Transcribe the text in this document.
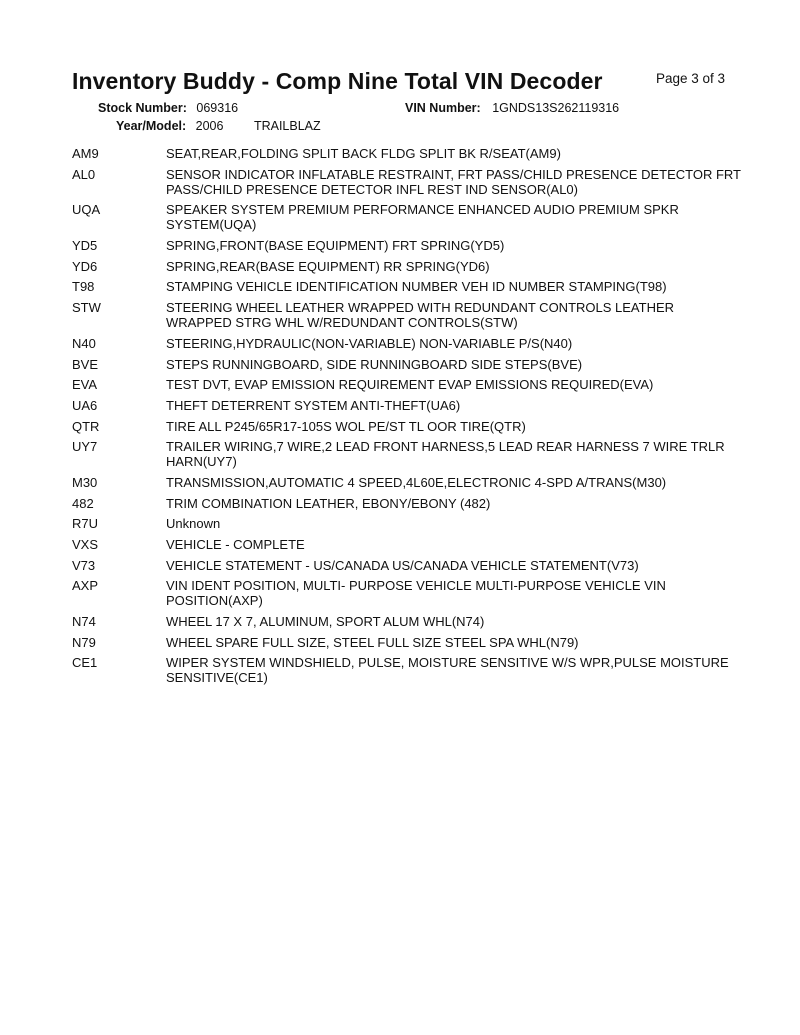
Inventory Buddy - Comp Nine Total VIN Decoder	Page 3 of 3
Stock Number: 069316	VIN Number: 1GNDS13S262119316
Year/Model: 2006 TRAILBLAZ
AM9	SEAT,REAR,FOLDING SPLIT BACK FLDG SPLIT BK R/SEAT(AM9)
AL0	SENSOR INDICATOR INFLATABLE RESTRAINT, FRT PASS/CHILD PRESENCE DETECTOR FRT PASS/CHILD PRESENCE DETECTOR INFL REST IND SENSOR(AL0)
UQA	SPEAKER SYSTEM PREMIUM PERFORMANCE ENHANCED AUDIO PREMIUM SPKR SYSTEM(UQA)
YD5	SPRING,FRONT(BASE EQUIPMENT) FRT SPRING(YD5)
YD6	SPRING,REAR(BASE EQUIPMENT) RR SPRING(YD6)
T98	STAMPING VEHICLE IDENTIFICATION NUMBER VEH ID NUMBER STAMPING(T98)
STW	STEERING WHEEL LEATHER WRAPPED WITH REDUNDANT CONTROLS LEATHER WRAPPED STRG WHL W/REDUNDANT CONTROLS(STW)
N40	STEERING,HYDRAULIC(NON-VARIABLE) NON-VARIABLE P/S(N40)
BVE	STEPS RUNNINGBOARD, SIDE RUNNINGBOARD SIDE STEPS(BVE)
EVA	TEST DVT, EVAP EMISSION REQUIREMENT EVAP EMISSIONS REQUIRED(EVA)
UA6	THEFT DETERRENT SYSTEM ANTI-THEFT(UA6)
QTR	TIRE ALL P245/65R17-105S WOL PE/ST TL OOR TIRE(QTR)
UY7	TRAILER WIRING,7 WIRE,2 LEAD FRONT HARNESS,5 LEAD REAR HARNESS 7 WIRE TRLR HARN(UY7)
M30	TRANSMISSION,AUTOMATIC 4 SPEED,4L60E,ELECTRONIC 4-SPD A/TRANS(M30)
482	TRIM COMBINATION LEATHER, EBONY/EBONY (482)
R7U	Unknown
VXS	VEHICLE - COMPLETE
V73	VEHICLE STATEMENT - US/CANADA US/CANADA VEHICLE STATEMENT(V73)
AXP	VIN IDENT POSITION, MULTI- PURPOSE VEHICLE MULTI-PURPOSE VEHICLE VIN POSITION(AXP)
N74	WHEEL 17 X 7, ALUMINUM, SPORT ALUM WHL(N74)
N79	WHEEL SPARE FULL SIZE, STEEL FULL SIZE STEEL SPA WHL(N79)
CE1	WIPER SYSTEM WINDSHIELD, PULSE, MOISTURE SENSITIVE W/S WPR,PULSE MOISTURE SENSITIVE(CE1)
